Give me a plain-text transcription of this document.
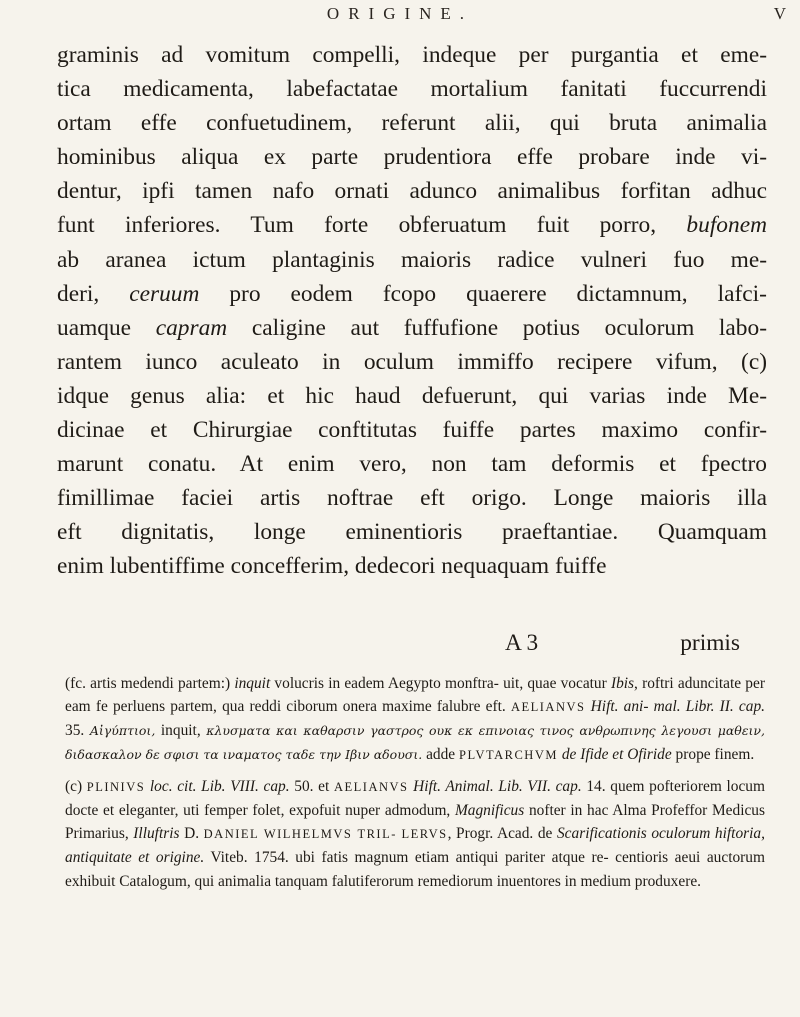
ORIGINE.	V

graminis ad vomitum compelli, indeque per purgantia et eme-

tica medicamenta, labefactatae mortalium fanitati fuccurrendi

ortam effe confuetudinem, referunt alii, qui bruta animalia

hominibus aliqua ex parte prudentiora effe probare inde vi-

dentur, ipfi tamen nafo ornati adunco animalibus forfitan adhuc

funt inferiores. Tum forte obferuatum fuit porro, bufonem

ab aranea ictum plantaginis maioris radice vulneri fuo me-

deri, ceruum pro eodem fcopo quaerere dictamnum, lafci-

uamque capram caligine aut fuffufione potius oculorum labo-

rantem iunco aculeato in oculum immiffo recipere vifum, (c)

idque genus alia: et hic haud defuerunt, qui varias inde Me-

dicinae et Chirurgiae conftitutas fuiffe partes maximo confir-

marunt conatu. At enim vero, non tam deformis et fpectro

fimillimae faciei artis noftrae eft origo. Longe maioris illa

eft dignitatis, longe eminentioris praeftantiae. Quamquam

enim lubentiffime concefferim, dedecori nequaquam fuiffe

A 3	primis

(fc. artis medendi partem:) inquit volucris in eadem Aegypto monftra- uit, quae vocatur Ibis, roftri aduncitate per eam fe perluens partem, qua reddi ciborum onera maxime falubre eft. AELIANVS Hift. ani- mal. Libr. II. cap. 35. Αἰγύπτιοι, inquit, κλυσματα και καθαρσιν γαστρος ουκ εκ επινοιας τινος ανθρωπινης λεγουσι μαθειν, διδασκαλον δε σφισι τα ιναματος ταδε την Ιβιν αδουσι. adde PLVTARCHVM de Ifide et Ofiride prope finem.

(c) PLINIVS loc. cit. Lib. VIII. cap. 50. et AELIANVS Hift. Animal. Lib. VII. cap. 14. quem pofteriorem locum docte et eleganter, uti femper folet, expofuit nuper admodum, Magnificus nofter in hac Alma Profeffor Medicus Primarius, Illuftris D. DANIEL WILHELMVS TRIL- LERVS, Progr. Acad. de Scarificationis oculorum hiftoria, antiquitate et origine. Viteb. 1754. ubi fatis magnum etiam antiqui pariter atque re- centioris aeui auctorum exhibuit Catalogum, qui animalia tanquam falutiferorum remediorum inuentores in medium produxere.
